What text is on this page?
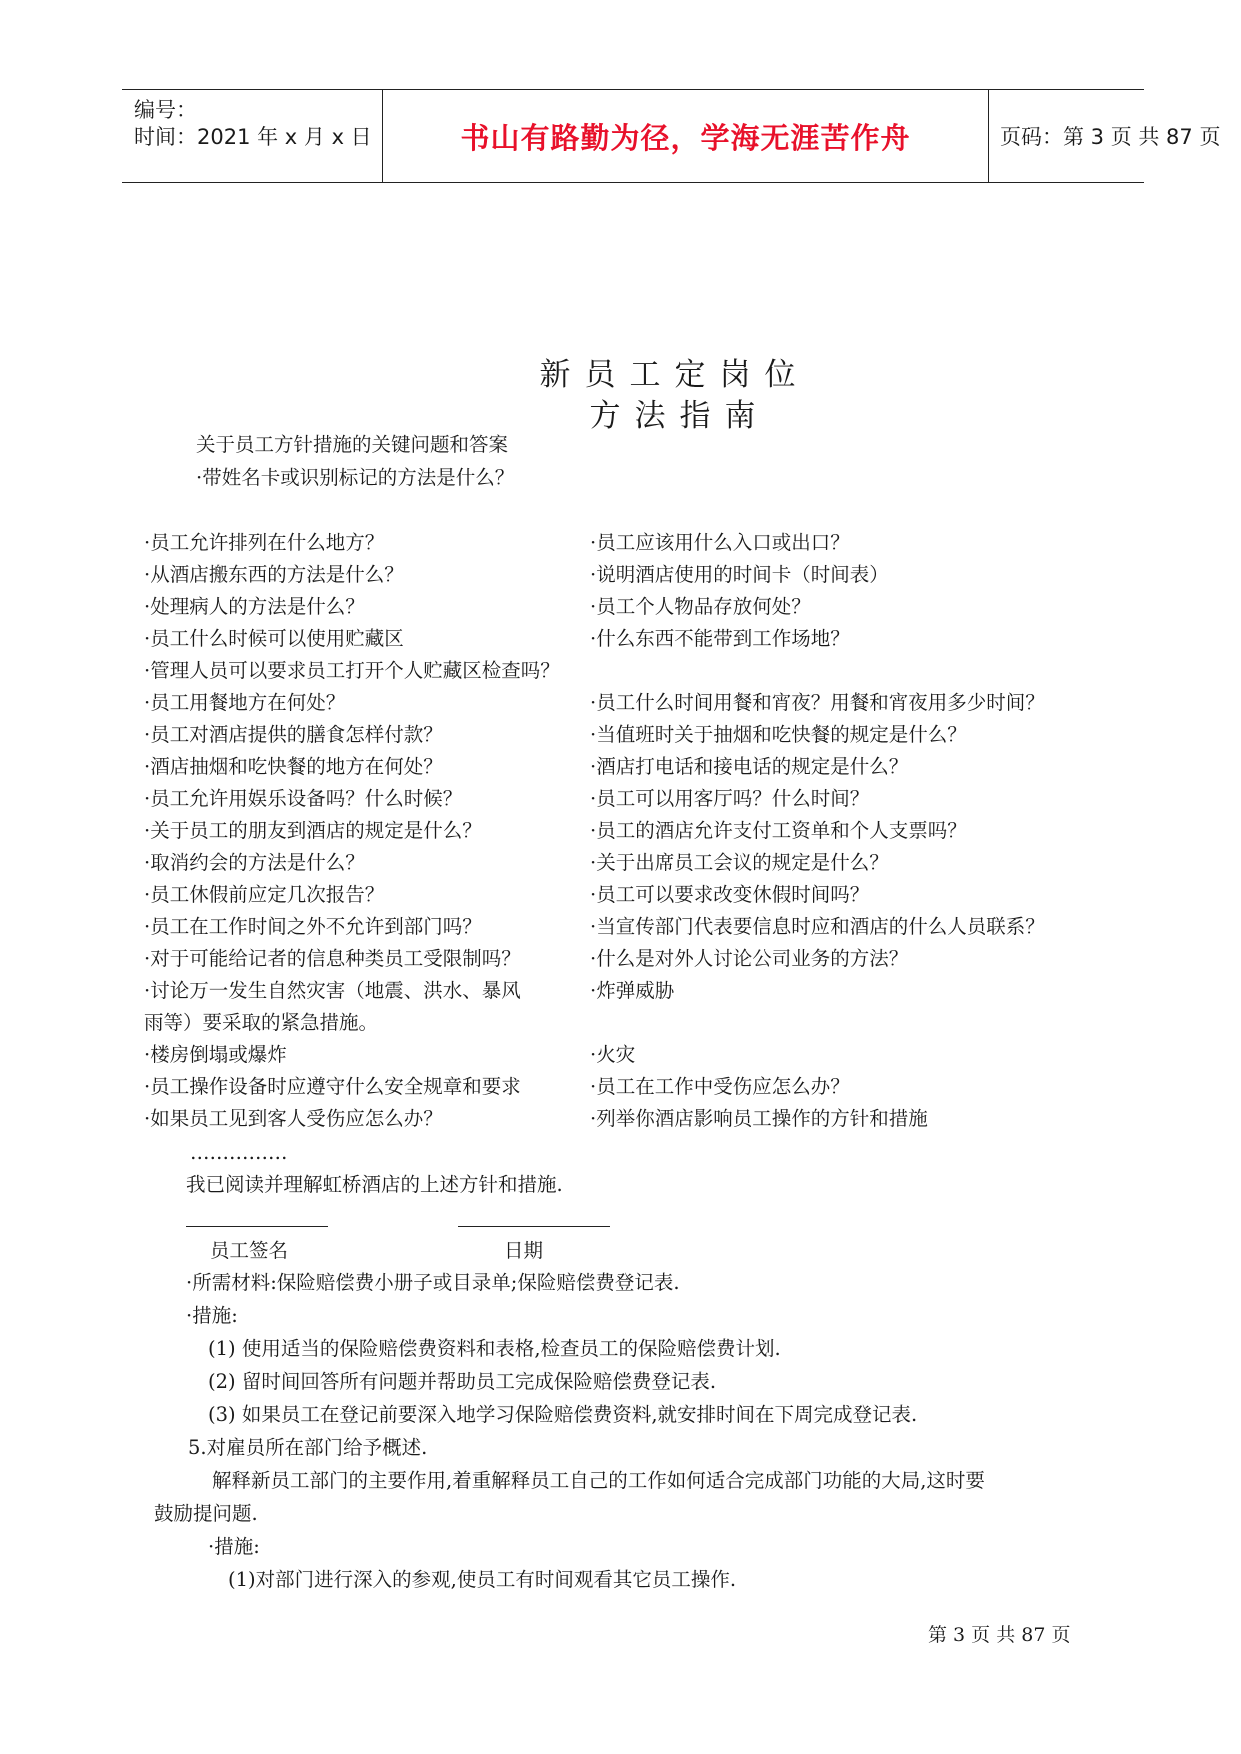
编号：
时间：2021 年 x 月 x 日	书山有路勤为径，学海无涯苦作舟	页码：第 3 页 共 87 页
新员工定岗位
方法指南
关于员工方针措施的关键问题和答案
·带姓名卡或识别标记的方法是什么？
·员工允许排列在什么地方？	·员工应该用什么入口或出口？
·从酒店搬东西的方法是什么？	·说明酒店使用的时间卡（时间表）
·处理病人的方法是什么？	·员工个人物品存放何处？
·员工什么时候可以使用贮藏区	·什么东西不能带到工作场地？
·管理人员可以要求员工打开个人贮藏区检查吗？
·员工用餐地方在何处？	·员工什么时间用餐和宵夜？用餐和宵夜用多少时间？
·员工对酒店提供的膳食怎样付款？	·当值班时关于抽烟和吃快餐的规定是什么？
·酒店抽烟和吃快餐的地方在何处？	·酒店打电话和接电话的规定是什么？
·员工允许用娱乐设备吗？什么时候？	·员工可以用客厅吗？什么时间？
·关于员工的朋友到酒店的规定是什么？	·员工的酒店允许支付工资单和个人支票吗？
·取消约会的方法是什么？	·关于出席员工会议的规定是什么？
·员工休假前应定几次报告？	·员工可以要求改变休假时间吗？
·员工在工作时间之外不允许到部门吗？	·当宣传部门代表要信息时应和酒店的什么人员联系？
·对于可能给记者的信息种类员工受限制吗？	·什么是对外人讨论公司业务的方法？
·讨论万一发生自然灾害（地震、洪水、暴风	·炸弹威胁
雨等）要采取的紧急措施。
·楼房倒塌或爆炸	·火灾
·员工操作设备时应遵守什么安全规章和要求	·员工在工作中受伤应怎么办？
·如果员工见到客人受伤应怎么办？	·列举你酒店影响员工操作的方针和措施
……………
我已阅读并理解虹桥酒店的上述方针和措施.
员工签名	日期
·所需材料:保险赔偿费小册子或目录单;保险赔偿费登记表.
·措施:
(1) 使用适当的保险赔偿费资料和表格,检查员工的保险赔偿费计划.
(2) 留时间回答所有问题并帮助员工完成保险赔偿费登记表.
(3) 如果员工在登记前要深入地学习保险赔偿费资料,就安排时间在下周完成登记表.
5.对雇员所在部门给予概述.
解释新员工部门的主要作用,着重解释员工自己的工作如何适合完成部门功能的大局,这时要
鼓励提问题.
·措施:
(1)对部门进行深入的参观,使员工有时间观看其它员工操作.
第 3 页 共 87 页
